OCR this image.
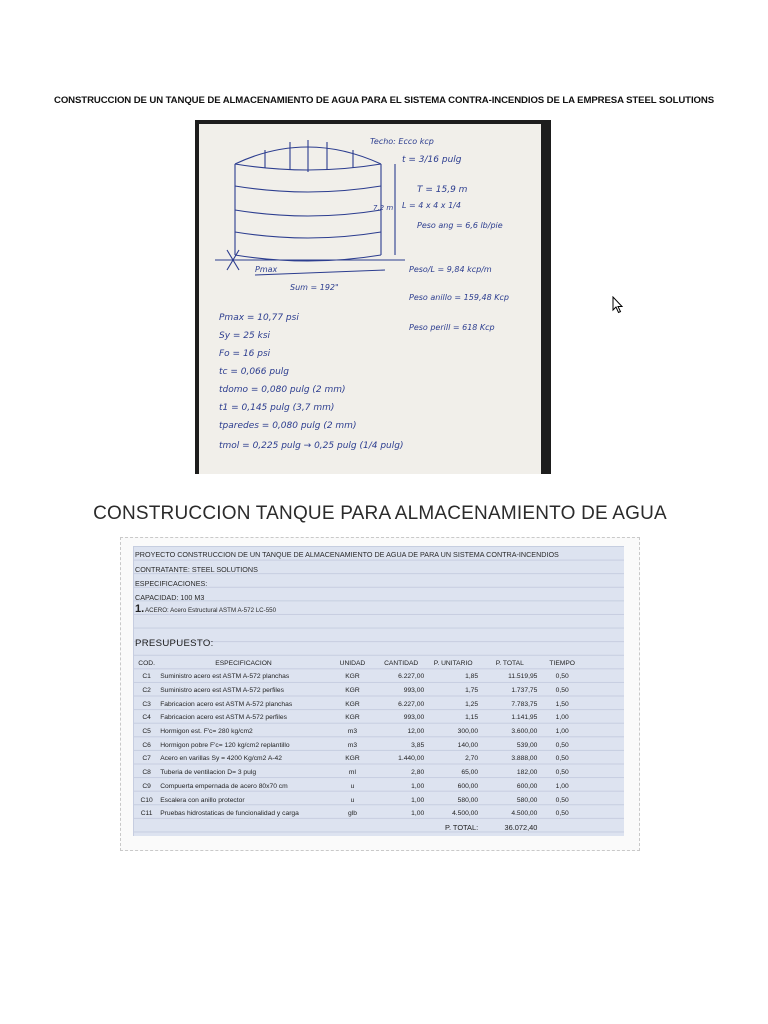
CONSTRUCCION DE UN TANQUE DE ALMACENAMIENTO DE AGUA PARA EL SISTEMA CONTRA-INCENDIOS DE LA EMPRESA STEEL SOLUTIONS
Techo: Ecco kcp
t = 3/16 pulg
T = 15,9 m
7,2 m L = 4 x 4 x 1/4
Peso ang = 6,6 lb/pie
Pmax
Sum = 192"
Peso/L = 9,84 kcp/m
Peso anillo = 159,48 Kcp
Peso perill = 618 Kcp
Pmax = 10,77 psi
Sy = 25 ksi
Fo = 16 psi
tc = 0,066 pulg
tdomo = 0,080 pulg (2 mm)
t1 = 0,145 pulg (3,7 mm)
tparedes = 0,080 pulg (2 mm)
tmol = 0,225 pulg → 0,25 pulg (1/4 pulg)
CONSTRUCCION TANQUE PARA ALMACENAMIENTO DE AGUA
PROYECTO CONSTRUCCION DE UN TANQUE DE ALMACENAMIENTO DE AGUA DE PARA UN SISTEMA CONTRA-INCENDIOS
CONTRATANTE: STEEL SOLUTIONS
ESPECIFICACIONES:
CAPACIDAD: 100 M3
1. ACERO: Acero Estructural ASTM A-572 LC-550
PRESUPUESTO:
COD.	ESPECIFICACION	UNIDAD	CANTIDAD	P. UNITARIO	P. TOTAL	TIEMPO
C1	Suministro acero est ASTM A-572 planchas	KGR	6.227,00	1,85	11.519,95	0,50
C2	Suministro acero est ASTM A-572 perfiles	KGR	993,00	1,75	1.737,75	0,50
C3	Fabricacion acero est ASTM A-572 planchas	KGR	6.227,00	1,25	7.783,75	1,50
C4	Fabricacion acero est ASTM A-572 perfiles	KGR	993,00	1,15	1.141,95	1,00
C5	Hormigon est. F'c= 280 kg/cm2	m3	12,00	300,00	3.600,00	1,00
C6	Hormigon pobre F'c= 120 kg/cm2 replantillo	m3	3,85	140,00	539,00	0,50
C7	Acero en varillas Sy = 4200 Kg/cm2 A-42	KGR	1.440,00	2,70	3.888,00	0,50
C8	Tuberia de ventilacion D= 3 pulg	ml	2,80	65,00	182,00	0,50
C9	Compuerta empernada de acero 80x70 cm	u	1,00	600,00	600,00	1,00
C10	Escalera con anillo protector	u	1,00	580,00	580,00	0,50
C11	Pruebas hidrostaticas de funcionalidad y carga	glb	1,00	4.500,00	4.500,00	0,50
				P. TOTAL:	36.072,40	
